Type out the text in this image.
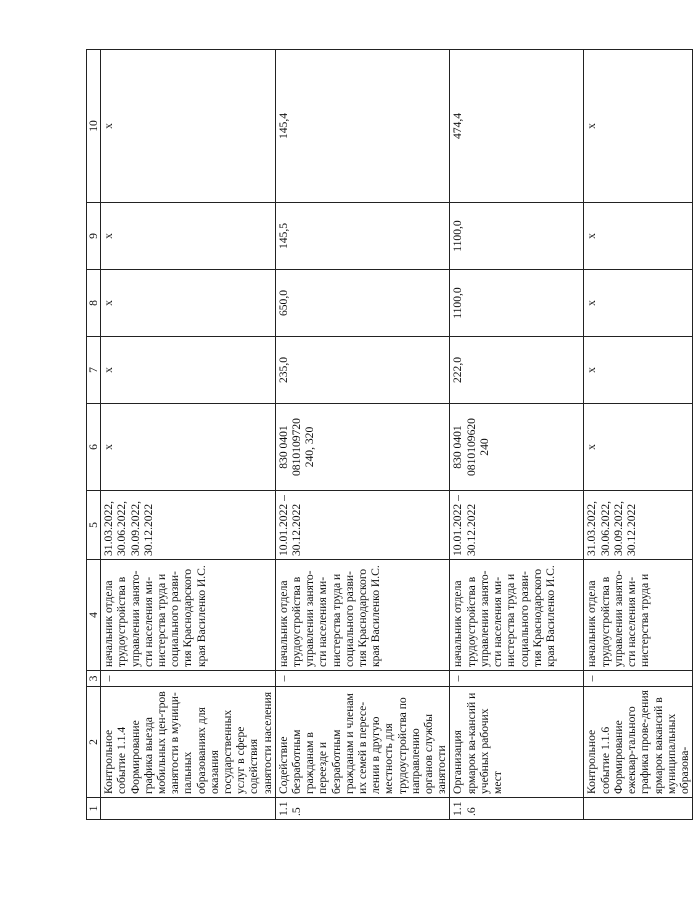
1	2	3	4	5	6	7	8	9	10
	Контрольное событие 1.1.4 Формирование графика выезда мобильных цен-тров занятости в муници-пальных образованиях для оказания государственных услуг в сфере содействия занятости населения	–	начальник отдела трудоустройства в управлении занято-сти населения ми-нистерства труда и социального разви-тия Краснодарского края Василенко И.С.	31.03.2022, 30.06.2022, 30.09.2022, 30.12.2022	х	х	х	х	х
1.1.5	Содействие безработным гражданам в переезде и безработным гражданам и членам их семей в пересе-лении в другую местность для трудоустройства по направлению органов службы занятости	–	начальник отдела трудоустройства в управлении занято-сти населения ми-нистерства труда и социального разви-тия Краснодарского края Василенко И.С.	10.01.2022 – 30.12.2022	830 0401 0810109720 240, 320	235,0	650,0	145,5	145,4
1.1.6	Организация ярмарок ва-кансий и учебных рабочих мест	–	начальник отдела трудоустройства в управлении занято-сти населения ми-нистерства труда и социального разви-тия Краснодарского края Василенко И.С.	10.01.2022 – 30.12.2022	830 0401 0810109620 240	222,0	1100,0	1100,0	474,4
	Контрольное событие 1.1.6 Формирование ежеквар-тального графика прове-дения ярмарок вакансий в муниципальных образова-	–	начальник отдела трудоустройства в управлении занято-сти населения ми-нистерства труда и	31.03.2022, 30.06.2022, 30.09.2022, 30.12.2022	х	х	х	х	х
